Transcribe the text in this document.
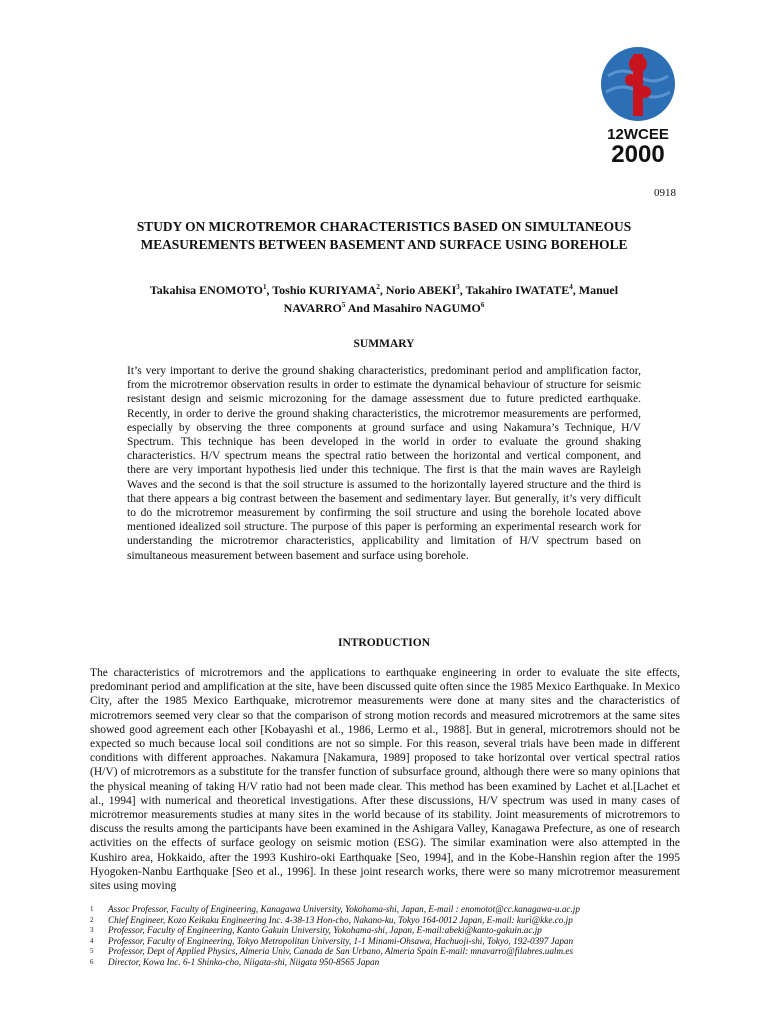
12WCEE
2000
0918
STUDY ON MICROTREMOR CHARACTERISTICS BASED ON SIMULTANEOUS
MEASUREMENTS BETWEEN BASEMENT AND SURFACE USING BOREHOLE
Takahisa ENOMOTO$^1$, Toshio KURIYAMA$^2$, Norio ABEKI$^3$, Takahiro IWATATE$^4$, Manuel
NAVARRO$^5$ And Masahiro NAGUMO$^6$
SUMMARY

It’s very important to derive the ground shaking characteristics, predominant period and amplification factor, from the microtremor observation results in order to estimate the dynamical behaviour of structure for seismic resistant design and seismic microzoning for the damage assessment due to future predicted earthquake. Recently, in order to derive the ground shaking characteristics, the microtremor measurements are performed, especially by observing the three components at ground surface and using Nakamura’s Technique, H/V Spectrum. This technique has been developed in the world in order to evaluate the ground shaking characteristics. H/V spectrum means the spectral ratio between the horizontal and vertical component, and there are very important hypothesis lied under this technique. The first is that the main waves are Rayleigh Waves and the second is that the soil structure is assumed to the horizontally layered structure and the third is that there appears a big contrast between the basement and sedimentary layer. But generally, it’s very difficult to do the microtremor measurement by confirming the soil structure and using the borehole located above mentioned idealized soil structure. The purpose of this paper is performing an experimental research work for understanding the microtremor characteristics, applicability and limitation of H/V spectrum based on simultaneous measurement between basement and surface using borehole.

INTRODUCTION

The characteristics of microtremors and the applications to earthquake engineering in order to evaluate the site effects, predominant period and amplification at the site, have been discussed quite often since the 1985 Mexico Earthquake. In Mexico City, after the 1985 Mexico Earthquake, microtremor measurements were done at many sites and the characteristics of microtremors seemed very clear so that the comparison of strong motion records and measured microtremors at the same sites showed good agreement each other [Kobayashi et al., 1986, Lermo et al., 1988]. But in general, microtremors should not be expected so much because local soil conditions are not so simple. For this reason, several trials have been made in different conditions with different approaches. Nakamura [Nakamura, 1989] proposed to take horizontal over vertical spectral ratios (H/V) of microtremors as a substitute for the transfer function of subsurface ground, although there were so many opinions that the physical meaning of taking H/V ratio had not been made clear. This method has been examined by Lachet et al.[Lachet et al., 1994] with numerical and theoretical investigations. After these discussions, H/V spectrum was used in many cases of microtremor measurements studies at many sites in the world because of its stability. Joint measurements of microtremors to discuss the results among the participants have been examined in the Ashigara Valley, Kanagawa Prefecture, as one of research activities on the effects of surface geology on seismic motion (ESG). The similar examination were also attempted in the Kushiro area, Hokkaido, after the 1993 Kushiro-oki Earthquake [Seo, 1994], and in the Kobe-Hanshin region after the 1995 Hyogoken-Nanbu Earthquake [Seo et al., 1996]. In these joint research works, there were so many microtremor measurement sites using moving

1	Assoc Professor, Faculty of Engineering, Kanagawa University, Yokohama-shi, Japan, E-mail : enomotot@cc.kanagawa-u.ac.jp
2	Chief Engineer, Kozo Keikaku Engineering Inc. 4-38-13 Hon-cho, Nakano-ku, Tokyo 164-0012 Japan, E-mail: kuri@kke.co.jp
3	Professor, Faculty of Engineering, Kanto Gakuin University, Yokohama-shi, Japan, E-mail:abeki@kanto-gakuin.ac.jp
4	Professor, Faculty of Engineering, Tokyo Metropolitan University, 1-1 Minami-Ohsawa, Hachuoji-shi, Tokyo, 192-0397 Japan
5	Professor, Dept of Applied Physics, Almeria Univ, Canada de San Urbano, Almeria Spain E-mail: mnavarro@filabres.ualm.es
6	Director, Kowa Inc. 6-1 Shinko-cho, Niigata-shi, Niigata 950-8565 Japan
